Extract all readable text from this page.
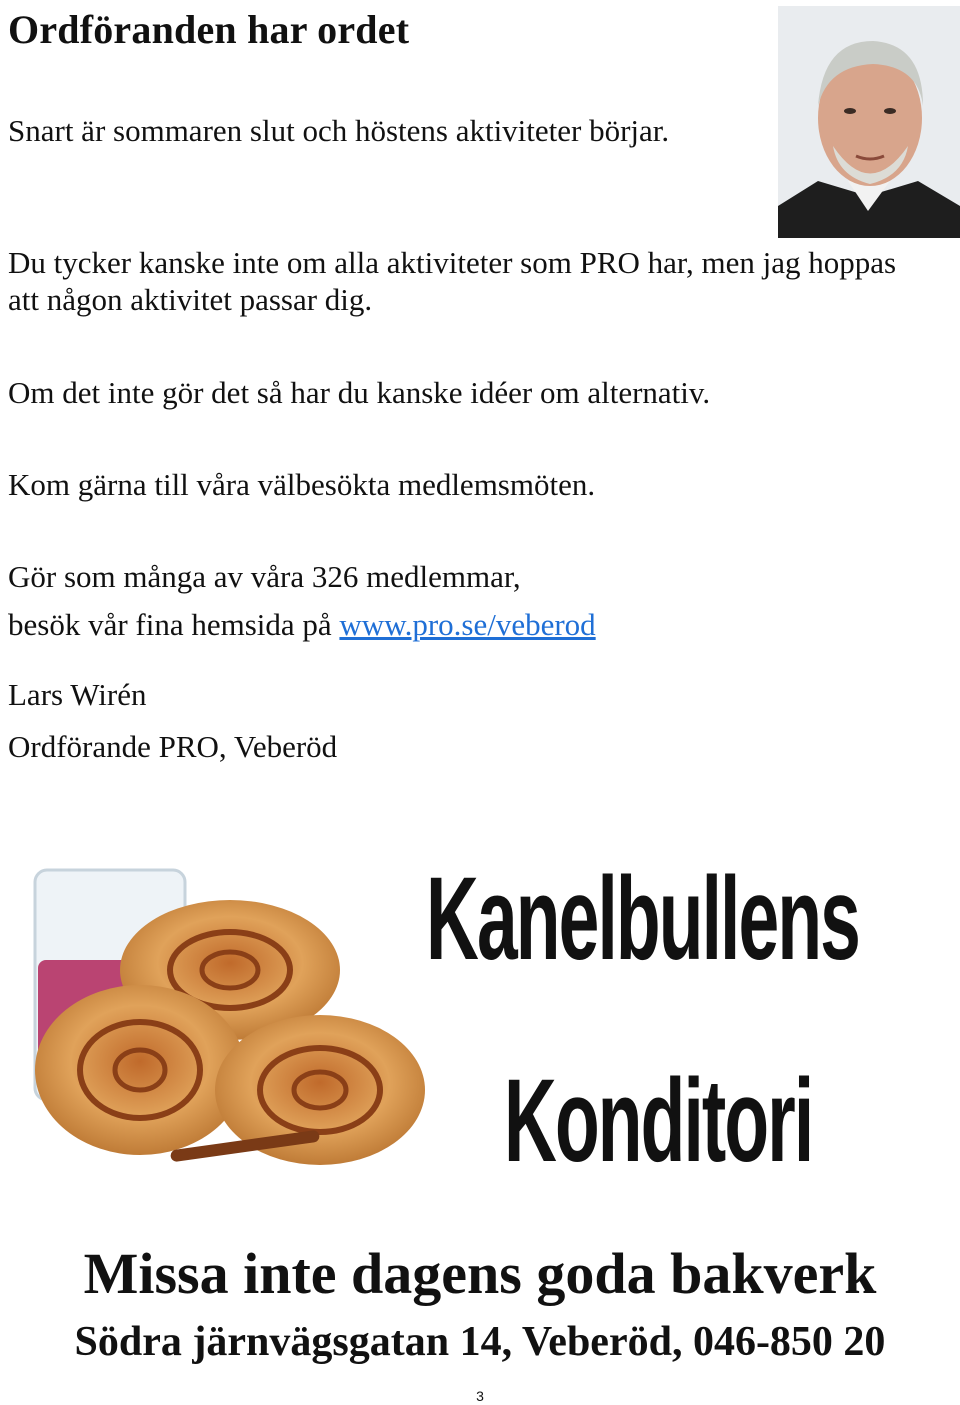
Ordföranden har ordet

Snart är sommaren slut och höstens aktiviteter börjar.

Du tycker kanske inte om alla aktiviteter som PRO har, men jag hoppas att någon aktivitet passar dig.

Om det inte gör det så har du kanske idéer om alternativ.

Kom gärna till våra välbesökta medlemsmöten.

Gör som många av våra 326 medlemmar,

besök vår fina hemsida på www.pro.se/veberod

Lars Wirén

Ordförande PRO, Veberöd

Kanelbullens

Konditori

Missa inte dagens goda bakverk

Södra järnvägsgatan 14, Veberöd, 046-850 20

3
